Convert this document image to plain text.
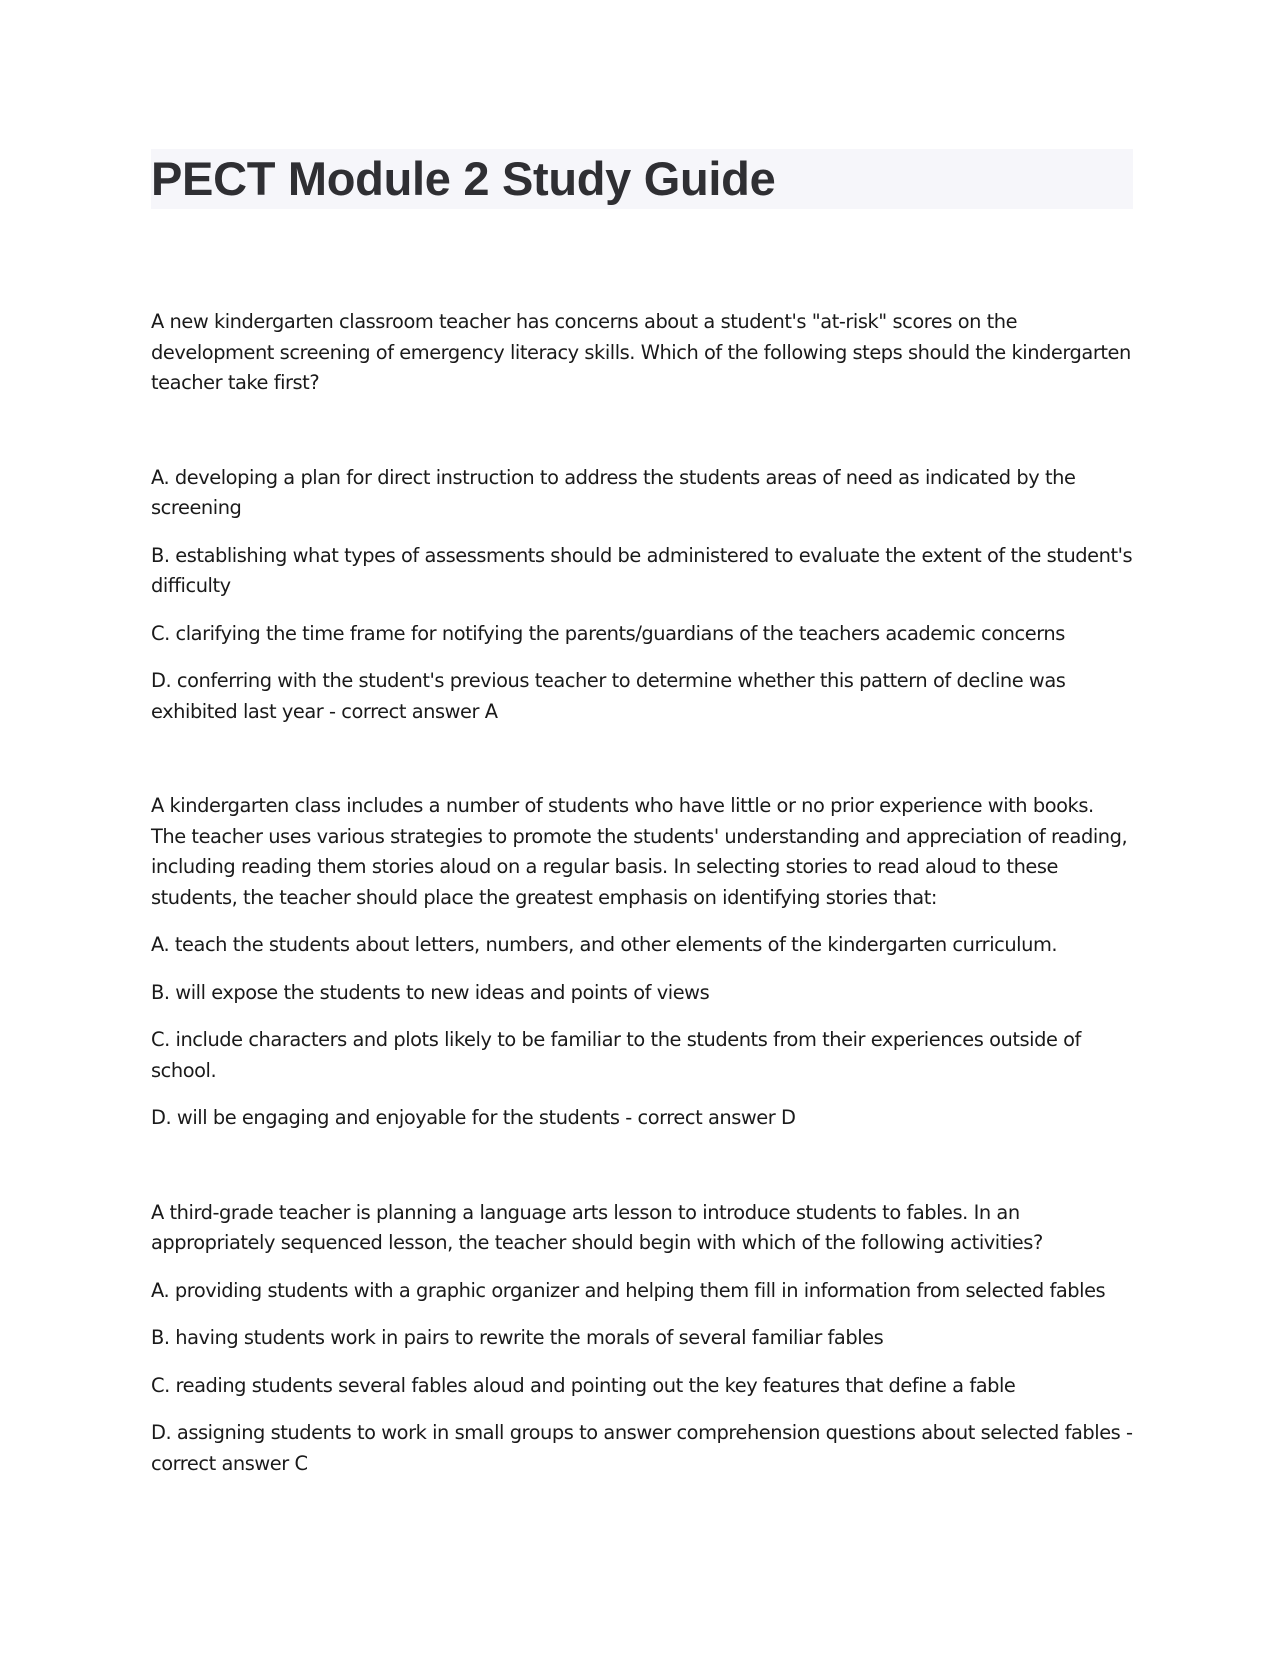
PECT Module 2 Study Guide

A new kindergarten classroom teacher has concerns about a student's "at-risk" scores on the development screening of emergency literacy skills. Which of the following steps should the kindergarten teacher take first?

A. developing a plan for direct instruction to address the students areas of need as indicated by the screening

B. establishing what types of assessments should be administered to evaluate the extent of the student's difficulty

C. clarifying the time frame for notifying the parents/guardians of the teachers academic concerns

D. conferring with the student's previous teacher to determine whether this pattern of decline was exhibited last year - correct answer A

A kindergarten class includes a number of students who have little or no prior experience with books. The teacher uses various strategies to promote the students' understanding and appreciation of reading, including reading them stories aloud on a regular basis. In selecting stories to read aloud to these students, the teacher should place the greatest emphasis on identifying stories that:

A. teach the students about letters, numbers, and other elements of the kindergarten curriculum.

B. will expose the students to new ideas and points of views

C. include characters and plots likely to be familiar to the students from their experiences outside of school.

D. will be engaging and enjoyable for the students - correct answer D

A third-grade teacher is planning a language arts lesson to introduce students to fables. In an appropriately sequenced lesson, the teacher should begin with which of the following activities?

A. providing students with a graphic organizer and helping them fill in information from selected fables

B. having students work in pairs to rewrite the morals of several familiar fables

C. reading students several fables aloud and pointing out the key features that define a fable

D. assigning students to work in small groups to answer comprehension questions about selected fables - correct answer C
